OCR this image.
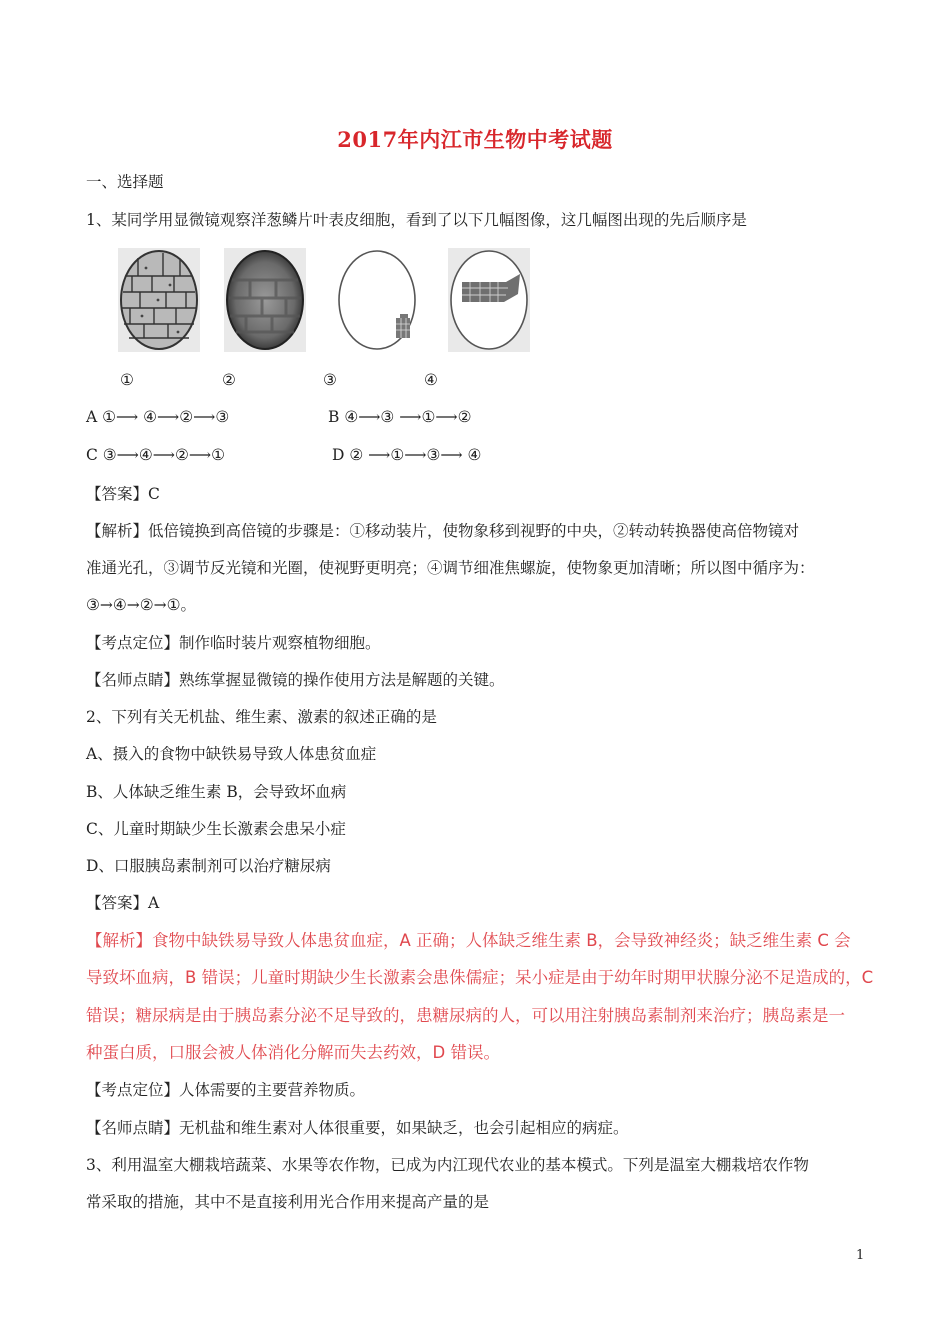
2017年内江市生物中考试题
一、选择题
1、某同学用显微镜观察洋葱鳞片叶表皮细胞，看到了以下几幅图像，这几幅图出现的先后顺序是
①	②	③	④
A ①⟶ ④⟶②⟶③	B ④⟶③ ⟶①⟶②
C ③⟶④⟶②⟶①	D ② ⟶①⟶③⟶ ④
【答案】C
【解析】低倍镜换到高倍镜的步骤是：①移动装片，使物象移到视野的中央，②转动转换器使高倍物镜对
准通光孔，③调节反光镜和光圈，使视野更明亮；④调节细准焦螺旋，使物象更加清晰；所以图中循序为：
③→④→②→①。
【考点定位】制作临时装片观察植物细胞。
【名师点睛】熟练掌握显微镜的操作使用方法是解题的关键。
2、下列有关无机盐、维生素、激素的叙述正确的是
A、摄入的食物中缺铁易导致人体患贫血症
B、人体缺乏维生素 B，会导致坏血病
C、儿童时期缺少生长激素会患呆小症
D、口服胰岛素制剂可以治疗糖尿病
【答案】A
【解析】食物中缺铁易导致人体患贫血症，A 正确；人体缺乏维生素 B，会导致神经炎；缺乏维生素 C 会
导致坏血病，B 错误；儿童时期缺少生长激素会患侏儒症；呆小症是由于幼年时期甲状腺分泌不足造成的，C
错误；糖尿病是由于胰岛素分泌不足导致的，患糖尿病的人，可以用注射胰岛素制剂来治疗；胰岛素是一
种蛋白质，口服会被人体消化分解而失去药效，D 错误。
【考点定位】人体需要的主要营养物质。
【名师点睛】无机盐和维生素对人体很重要，如果缺乏，也会引起相应的病症。
3、利用温室大棚栽培蔬菜、水果等农作物，已成为内江现代农业的基本模式。下列是温室大棚栽培农作物
常采取的措施，其中不是直接利用光合作用来提高产量的是
1
